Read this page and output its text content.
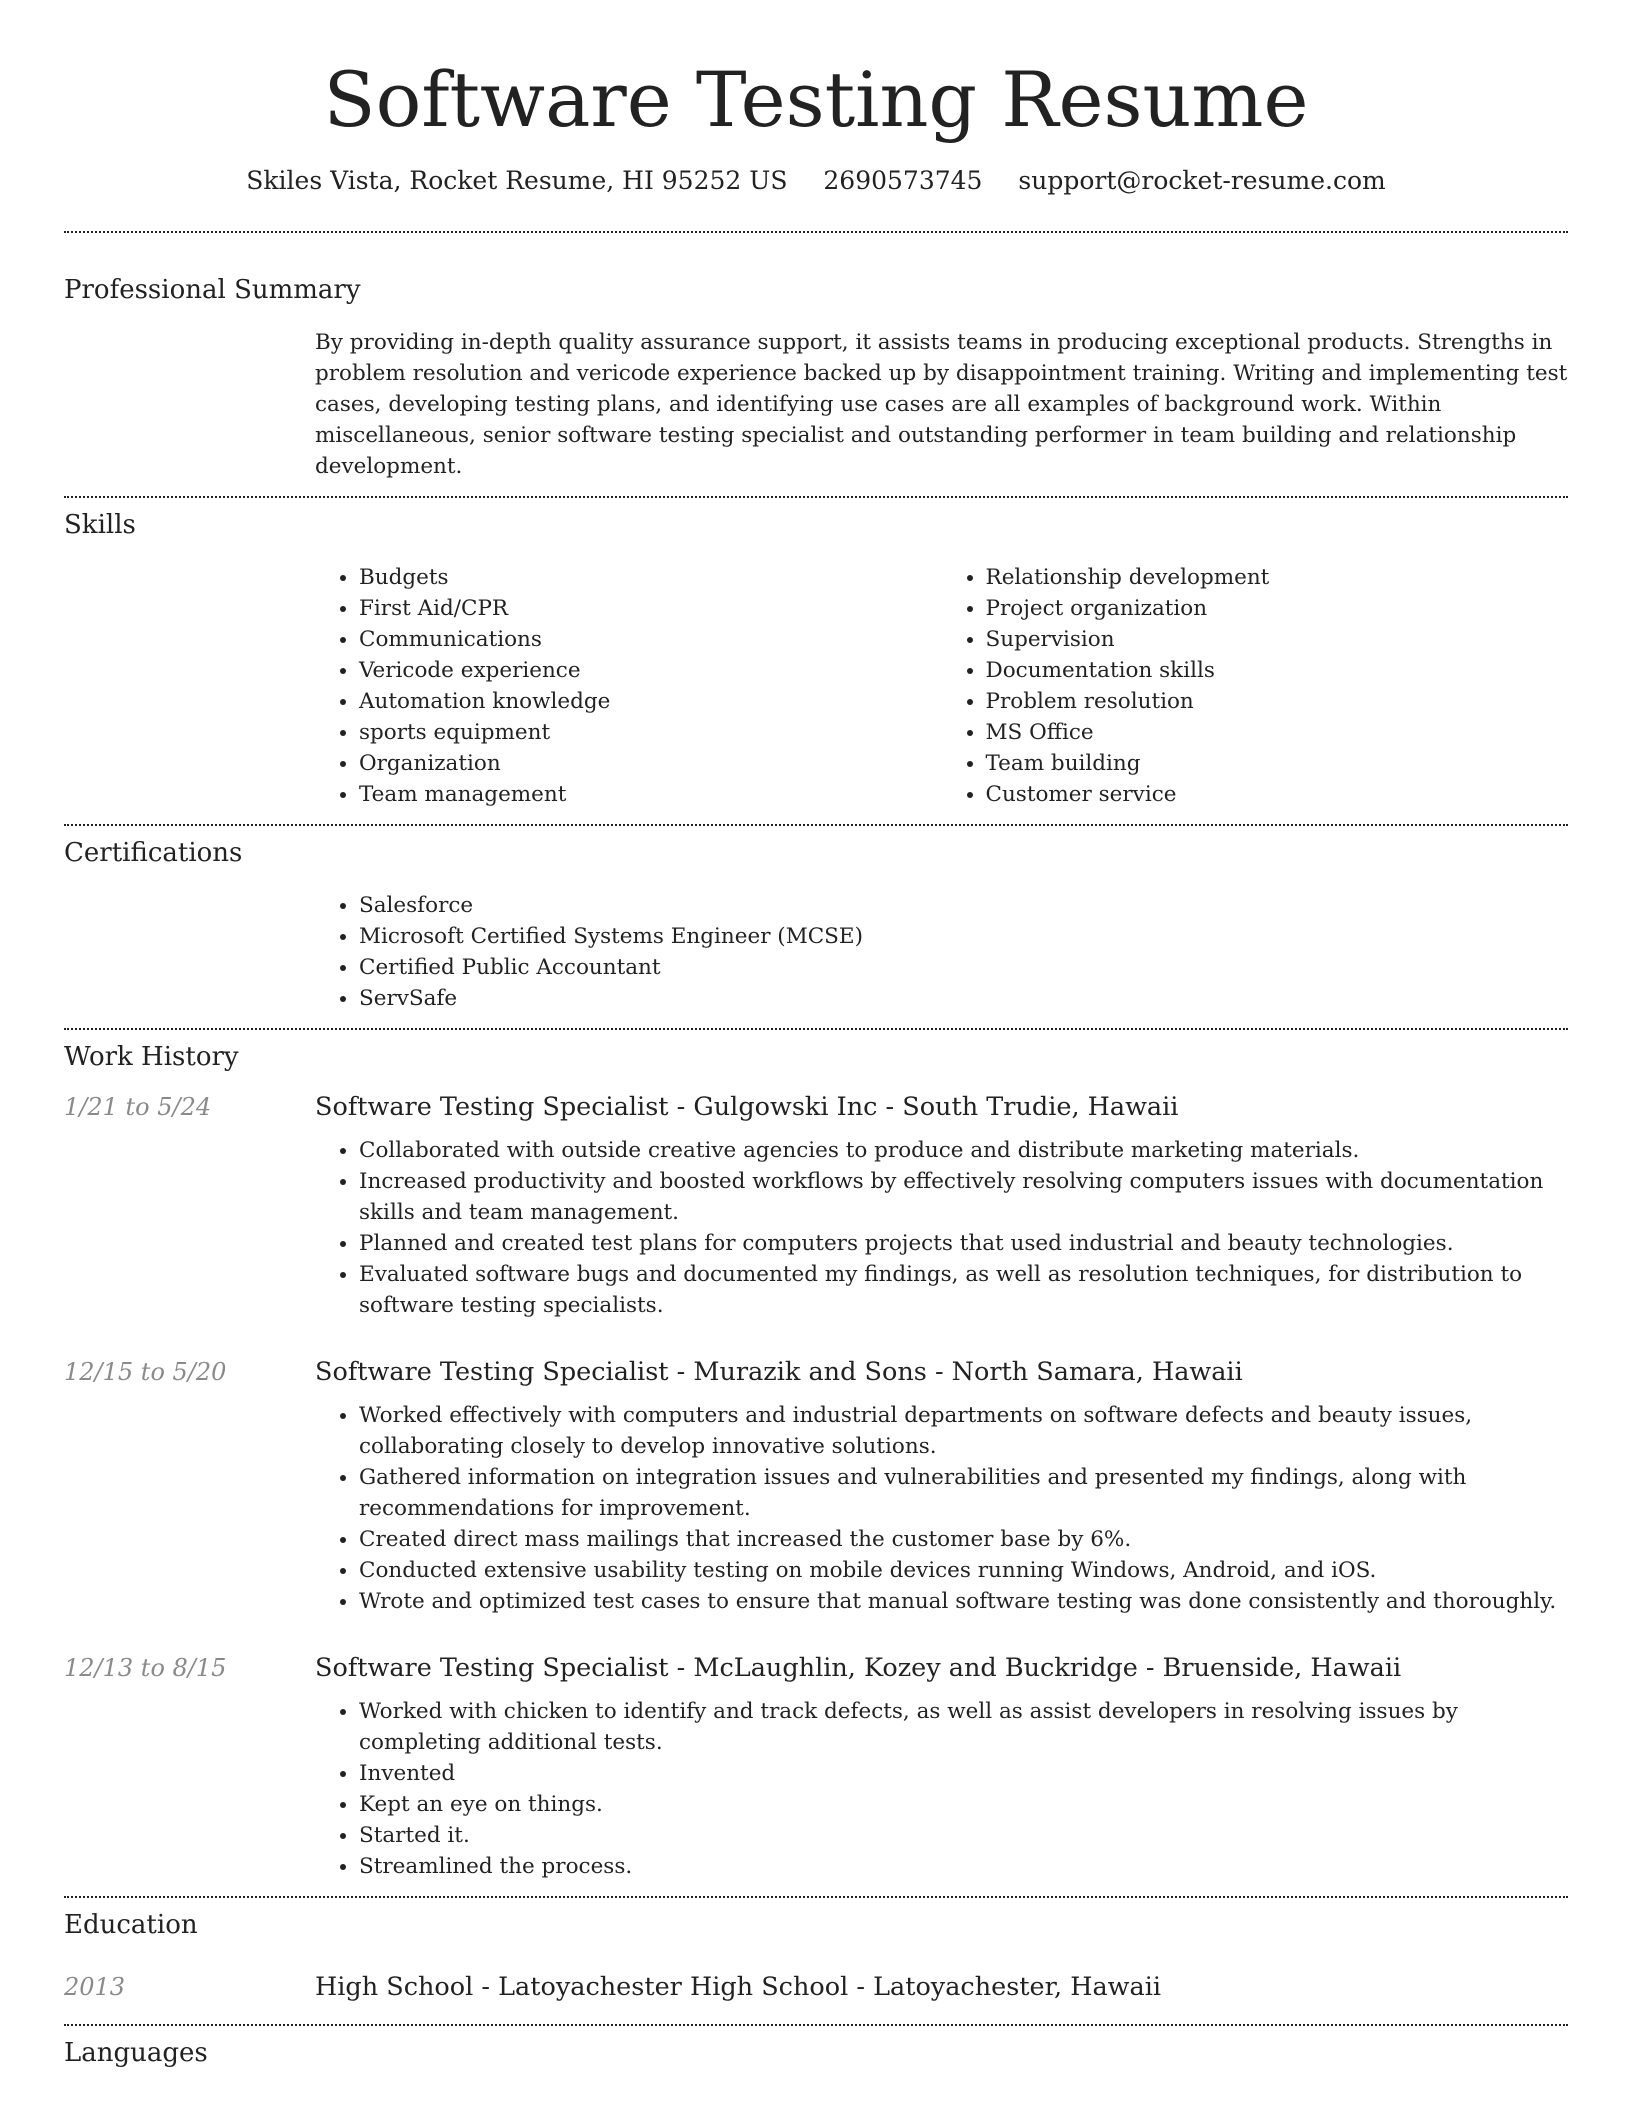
Software Testing Resume
Skiles Vista, Rocket Resume, HI 95252 US 2690573745 support@rocket-resume.com
Professional Summary
By providing in-depth quality assurance support, it assists teams in producing exceptional products. Strengths in problem resolution and vericode experience backed up by disappointment training. Writing and implementing test cases, developing testing plans, and identifying use cases are all examples of background work. Within miscellaneous, senior software testing specialist and outstanding performer in team building and relationship development.
Skills
• Budgets
• First Aid/CPR
• Communications
• Vericode experience
• Automation knowledge
• sports equipment
• Organization
• Team management
• Relationship development
• Project organization
• Supervision
• Documentation skills
• Problem resolution
• MS Office
• Team building
• Customer service
Certifications
• Salesforce
• Microsoft Certified Systems Engineer (MCSE)
• Certified Public Accountant
• ServSafe
Work History
1/21 to 5/24	Software Testing Specialist - Gulgowski Inc - South Trudie, Hawaii
• Collaborated with outside creative agencies to produce and distribute marketing materials.
• Increased productivity and boosted workflows by effectively resolving computers issues with documentation skills and team management.
• Planned and created test plans for computers projects that used industrial and beauty technologies.
• Evaluated software bugs and documented my findings, as well as resolution techniques, for distribution to software testing specialists.
12/15 to 5/20	Software Testing Specialist - Murazik and Sons - North Samara, Hawaii
• Worked effectively with computers and industrial departments on software defects and beauty issues, collaborating closely to develop innovative solutions.
• Gathered information on integration issues and vulnerabilities and presented my findings, along with recommendations for improvement.
• Created direct mass mailings that increased the customer base by 6%.
• Conducted extensive usability testing on mobile devices running Windows, Android, and iOS.
• Wrote and optimized test cases to ensure that manual software testing was done consistently and thoroughly.
12/13 to 8/15	Software Testing Specialist - McLaughlin, Kozey and Buckridge - Bruenside, Hawaii
• Worked with chicken to identify and track defects, as well as assist developers in resolving issues by completing additional tests.
• Invented
• Kept an eye on things.
• Started it.
• Streamlined the process.
Education
2013	High School - Latoyachester High School - Latoyachester, Hawaii
Languages
